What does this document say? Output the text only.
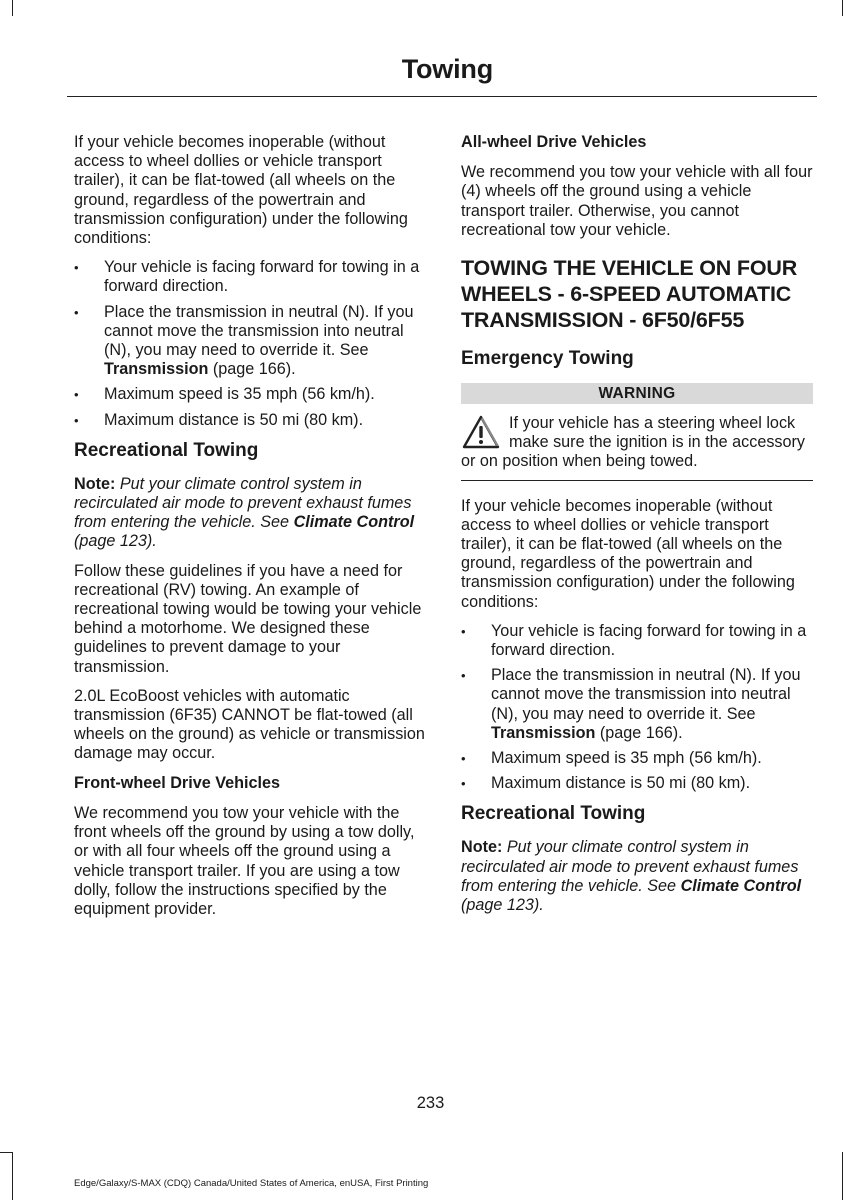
Towing

If your vehicle becomes inoperable (without access to wheel dollies or vehicle transport trailer), it can be flat-towed (all wheels on the ground, regardless of the powertrain and transmission configuration) under the following conditions:

• Your vehicle is facing forward for towing in a forward direction.
• Place the transmission in neutral (N). If you cannot move the transmission into neutral (N), you may need to override it. See Transmission (page 166).
• Maximum speed is 35 mph (56 km/h).
• Maximum distance is 50 mi (80 km).
Recreational Towing

Note: Put your climate control system in recirculated air mode to prevent exhaust fumes from entering the vehicle. See Climate Control (page 123).

Follow these guidelines if you have a need for recreational (RV) towing. An example of recreational towing would be towing your vehicle behind a motorhome. We designed these guidelines to prevent damage to your transmission.

2.0L EcoBoost vehicles with automatic transmission (6F35) CANNOT be flat-towed (all wheels on the ground) as vehicle or transmission damage may occur.

Front-wheel Drive Vehicles

We recommend you tow your vehicle with the front wheels off the ground by using a tow dolly, or with all four wheels off the ground using a vehicle transport trailer. If you are using a tow dolly, follow the instructions specified by the equipment provider.

All-wheel Drive Vehicles

We recommend you tow your vehicle with all four (4) wheels off the ground using a vehicle transport trailer. Otherwise, you cannot recreational tow your vehicle.

TOWING THE VEHICLE ON FOUR WHEELS - 6-SPEED AUTOMATIC TRANSMISSION - 6F50/6F55
Emergency Towing
WARNING
If your vehicle has a steering wheel lock make sure the ignition is in the accessory or on position when being towed.

If your vehicle becomes inoperable (without access to wheel dollies or vehicle transport trailer), it can be flat-towed (all wheels on the ground, regardless of the powertrain and transmission configuration) under the following conditions:

• Your vehicle is facing forward for towing in a forward direction.
• Place the transmission in neutral (N). If you cannot move the transmission into neutral (N), you may need to override it. See Transmission (page 166).
• Maximum speed is 35 mph (56 km/h).
• Maximum distance is 50 mi (80 km).
Recreational Towing

Note: Put your climate control system in recirculated air mode to prevent exhaust fumes from entering the vehicle. See Climate Control (page 123).

233
Edge/Galaxy/S-MAX (CDQ) Canada/United States of America, enUSA, First Printing
